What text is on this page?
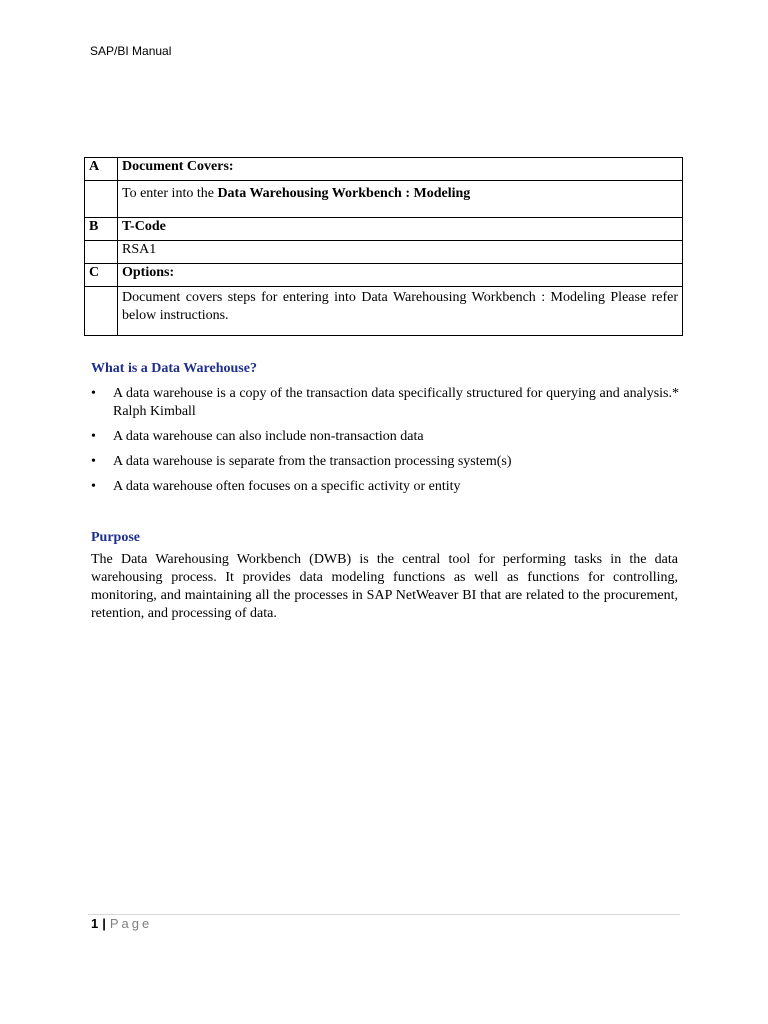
SAP/BI Manual
A	Document Covers:
	To enter into the Data Warehousing Workbench : Modeling
B	T-Code
	RSA1
C	Options:
	Document covers steps for entering into Data Warehousing Workbench : Modeling Please refer below instructions.
What is a Data Warehouse?
• A data warehouse is a copy of the transaction data specifically structured for querying and analysis.* Ralph Kimball
• A data warehouse can also include non-transaction data
• A data warehouse is separate from the transaction processing system(s)
• A data warehouse often focuses on a specific activity or entity
Purpose
The Data Warehousing Workbench (DWB) is the central tool for performing tasks in the data warehousing process. It provides data modeling functions as well as functions for controlling, monitoring, and maintaining all the processes in SAP NetWeaver BI that are related to the procurement, retention, and processing of data.
1 | Page
